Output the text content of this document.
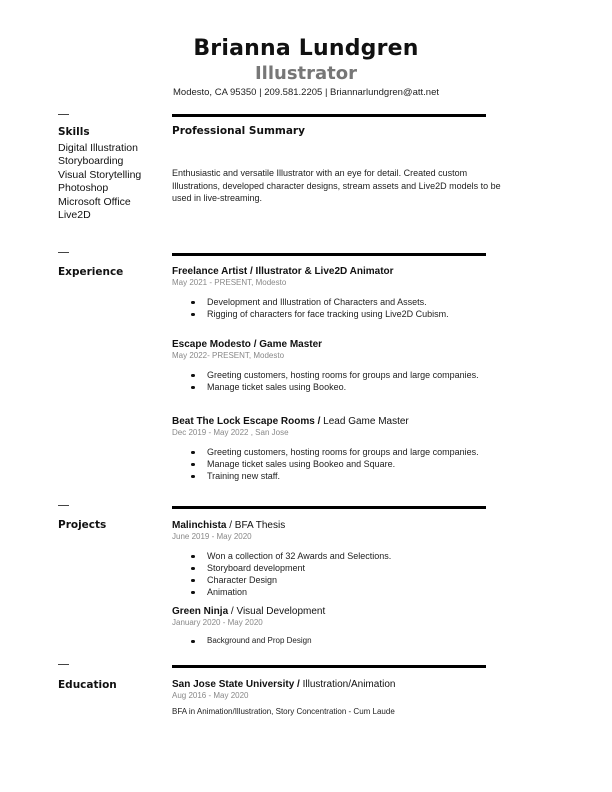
Brianna Lundgren
Illustrator
Modesto, CA 95350 | 209.581.2205 | Briannarlundgren@att.net
Skills
Digital Illustration
Storyboarding
Visual Storytelling
Photoshop
Microsoft Office
Live2D
Professional Summary
Enthusiastic and versatile Illustrator with an eye for detail. Created custom Illustrations, developed character designs, stream assets and Live2D models to be used in live-streaming.
Experience	Freelance Artist / Illustrator & Live2D Animator
May 2021 - PRESENT, Modesto
Development and Illustration of Characters and Assets.
Rigging of characters for face tracking using Live2D Cubism.
Escape Modesto / Game Master
May 2022- PRESENT, Modesto
Greeting customers, hosting rooms for groups and large companies.
Manage ticket sales using Bookeo.
Beat The Lock Escape Rooms / Lead Game Master
Dec 2019 - May 2022 , San Jose
Greeting customers, hosting rooms for groups and large companies.
Manage ticket sales using Bookeo and Square.
Training new staff.
Projects	Malinchista / BFA Thesis
June 2019 - May 2020
Won a collection of 32 Awards and Selections.
Storyboard development
Character Design
Animation
Green Ninja / Visual Development
January 2020 - May 2020
Background and Prop Design
Education	San Jose State University / Illustration/Animation
Aug 2016 - May 2020
BFA in Animation/Illustration, Story Concentration - Cum Laude
